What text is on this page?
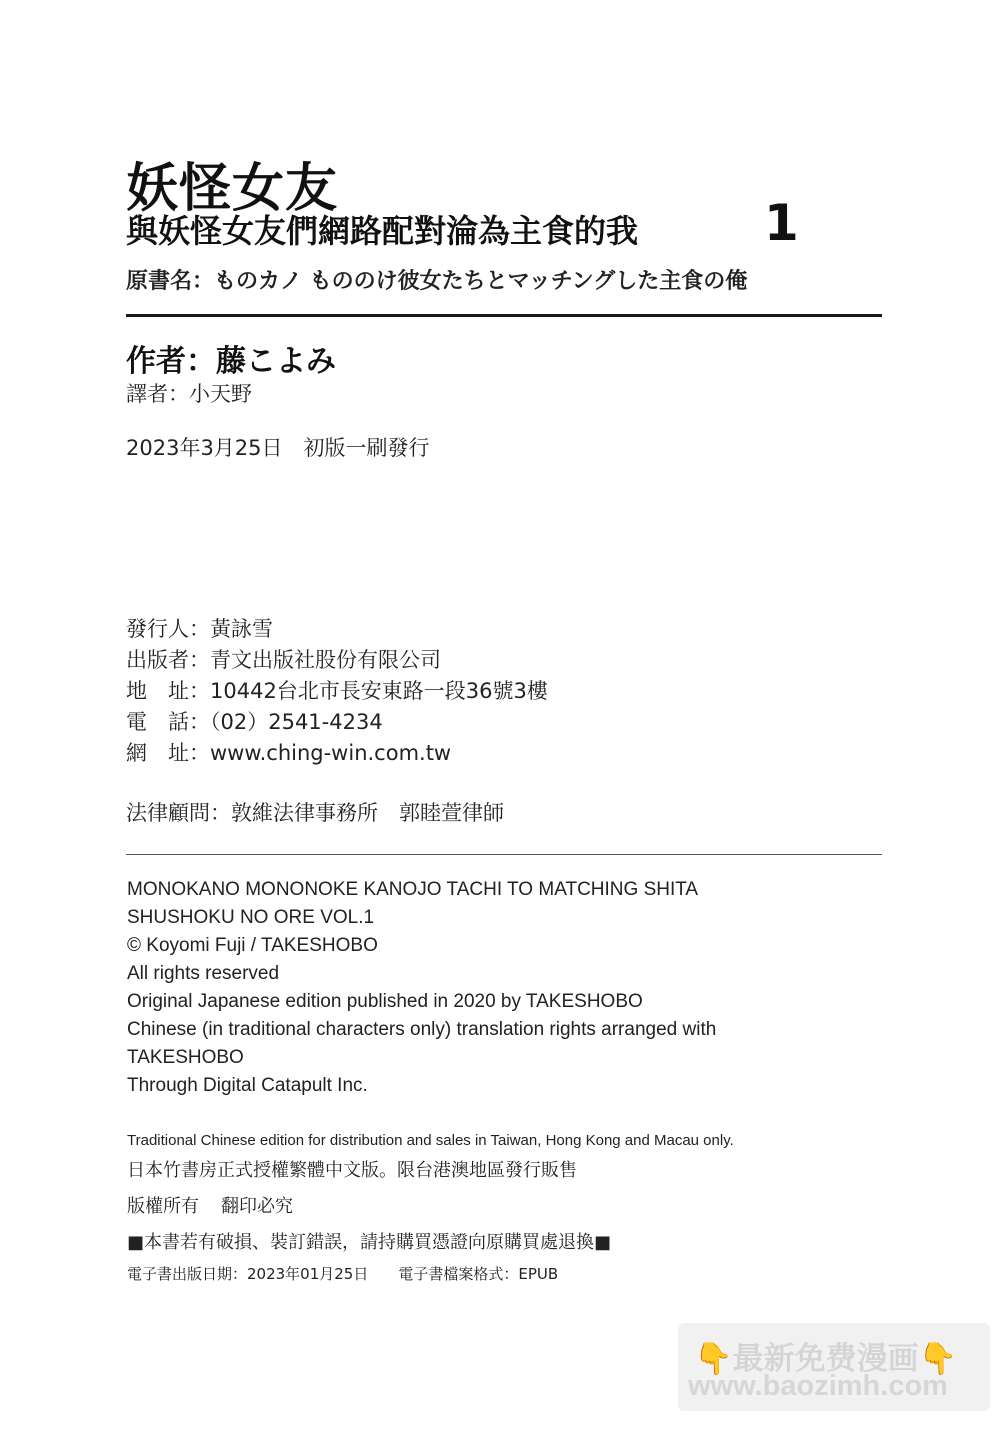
妖怪女友
與妖怪女友們網路配對淪為主食的我	1
原書名：ものカノ もののけ彼女たちとマッチングした主食の俺
作者：藤こよみ
譯者：小天野
2023年3月25日　初版一刷發行
發行人：黃詠雪
出版者：青文出版社股份有限公司
地　址：10442台北市長安東路一段36號3樓
電　話：（02）2541-4234
網　址：www.ching-win.com.tw
法律顧問：敦維法律事務所　郭睦萱律師
MONOKANO MONONOKE KANOJO TACHI TO MATCHING SHITA
SHUSHOKU NO ORE VOL.1
© Koyomi Fuji / TAKESHOBO
All rights reserved
Original Japanese edition published in 2020 by TAKESHOBO
Chinese (in traditional characters only) translation rights arranged with
TAKESHOBO
Through Digital Catapult Inc.
Traditional Chinese edition for distribution and sales in Taiwan, Hong Kong and Macau only.
日本竹書房正式授權繁體中文版。限台港澳地區發行販售
版權所有 翻印必究
■本書若有破損、裝訂錯誤，請持購買憑證向原購買處退換■
電子書出版日期：2023年01月25日 電子書檔案格式：EPUB
👇最新免费漫画👇
www.baozimh.com
